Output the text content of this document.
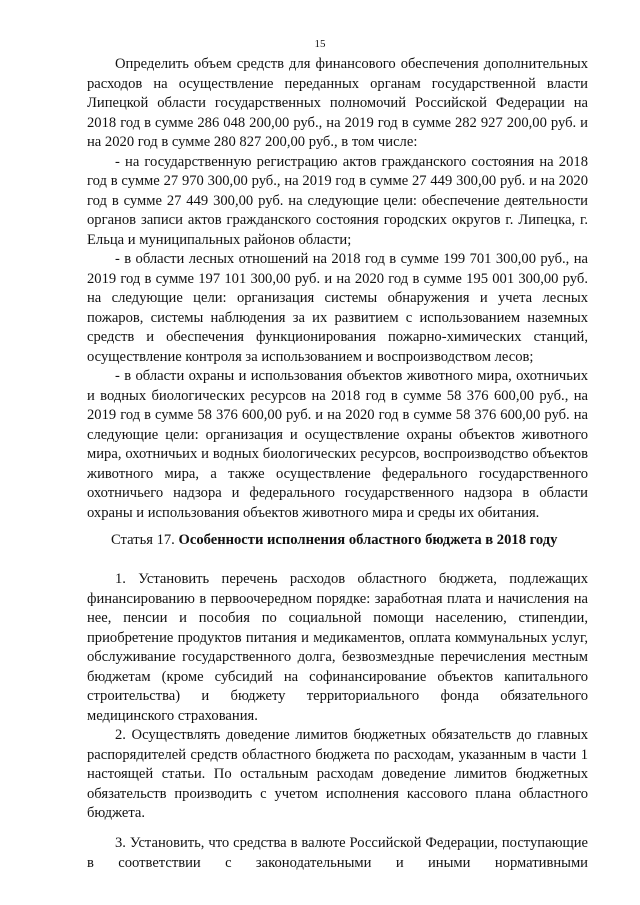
15

Определить объем средств для финансового обеспечения дополнительных расходов на осуществление переданных органам государственной власти Липецкой области государственных полномочий Российской Федерации на 2018 год в сумме 286 048 200,00 руб., на 2019 год в сумме 282 927 200,00 руб. и на 2020 год в сумме 280 827 200,00 руб., в том числе:

- на государственную регистрацию актов гражданского состояния на 2018 год в сумме 27 970 300,00 руб., на 2019 год в сумме 27 449 300,00 руб. и на 2020 год в сумме 27 449 300,00 руб. на следующие цели: обеспечение деятельности органов записи актов гражданского состояния городских округов г. Липецка, г. Ельца и муниципальных районов области;

- в области лесных отношений на 2018 год в сумме 199 701 300,00 руб., на 2019 год в сумме 197 101 300,00 руб. и на 2020 год в сумме 195 001 300,00 руб. на следующие цели: организация системы обнаружения и учета лесных пожаров, системы наблюдения за их развитием с использованием наземных средств и обеспечения функционирования пожарно-химических станций, осуществление контроля за использованием и воспроизводством лесов;

- в области охраны и использования объектов животного мира, охотничьих и водных биологических ресурсов на 2018 год в сумме 58 376 600,00 руб., на 2019 год в сумме 58 376 600,00 руб. и на 2020 год в сумме 58 376 600,00 руб. на следующие цели: организация и осуществление охраны объектов животного мира, охотничьих и водных биологических ресурсов, воспроизводство объектов животного мира, а также осуществление федерального государственного охотничьего надзора и федерального государственного надзора в области охраны и использования объектов животного мира и среды их обитания.

Статья 17. Особенности исполнения областного бюджета в 2018 году

1. Установить перечень расходов областного бюджета, подлежащих финансированию в первоочередном порядке: заработная плата и начисления на нее, пенсии и пособия по социальной помощи населению, стипендии, приобретение продуктов питания и медикаментов, оплата коммунальных услуг, обслуживание государственного долга, безвозмездные перечисления местным бюджетам (кроме субсидий на софинансирование объектов капитального строительства) и бюджету территориального фонда обязательного медицинского страхования.

2. Осуществлять доведение лимитов бюджетных обязательств до главных распорядителей средств областного бюджета по расходам, указанным в части 1 настоящей статьи. По остальным расходам доведение лимитов бюджетных обязательств производить с учетом исполнения кассового плана областного бюджета.

3. Установить, что средства в валюте Российской Федерации, поступающие в соответствии с законодательными и иными нормативными
